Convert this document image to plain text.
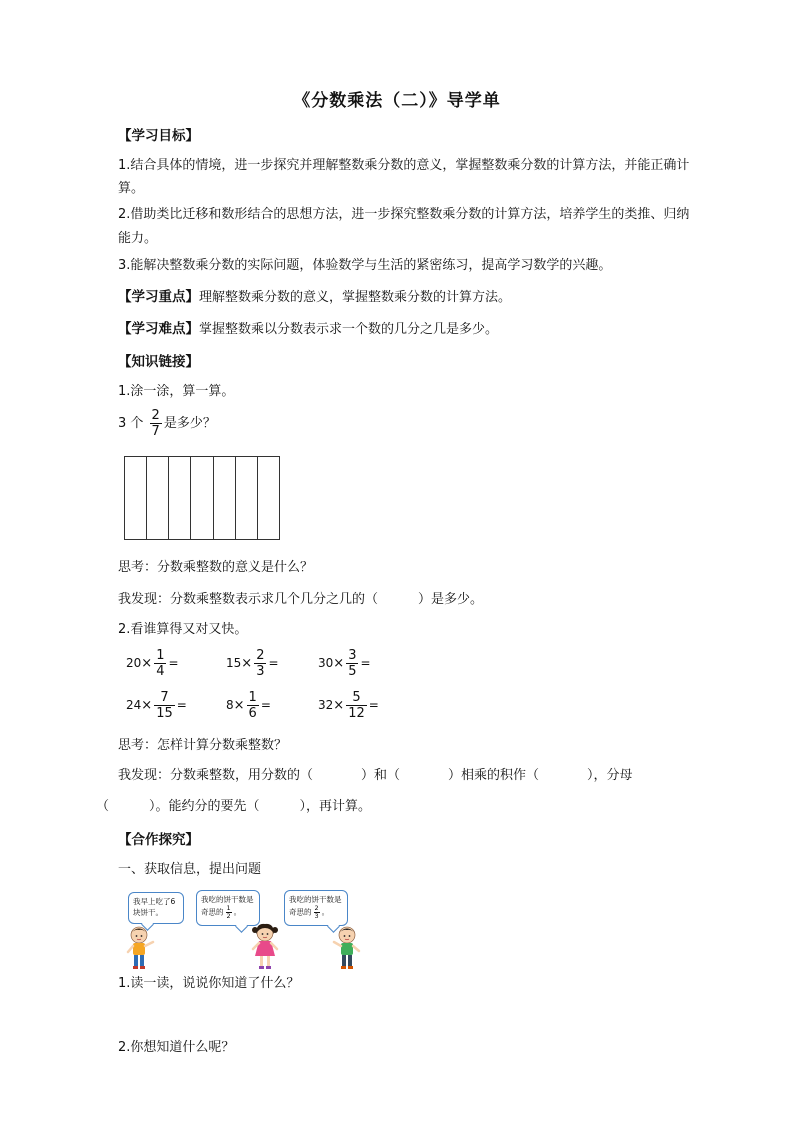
《分数乘法（二）》导学单
【学习目标】
1.结合具体的情境，进一步探究并理解整数乘分数的意义，掌握整数乘分数的计算方法，并能正确计
算。
2.借助类比迁移和数形结合的思想方法，进一步探究整数乘分数的计算方法，培养学生的类推、归纳
能力。
3.能解决整数乘分数的实际问题，体验数学与生活的紧密练习，提高学习数学的兴趣。
【学习重点】理解整数乘分数的意义，掌握整数乘分数的计算方法。
【学习难点】掌握整数乘以分数表示求一个数的几分之几是多少。
【知识链接】
1.涂一涂，算一算。
3 个 $\frac{2}{7}$ 是多少？
思考：分数乘整数的意义是什么？
我发现：分数乘整数表示求几个几分之几的（	）是多少。
2.看谁算得又对又快。
$20\times \frac{1}{4}$ =	$15\times \frac{2}{3}$ =	$30\times \frac{3}{5}$ =
$24\times \frac{7}{15}$ =	$8\times \frac{1}{6}$ =	$32\times \frac{5}{12}$ =
思考：怎样计算分数乘整数？
我发现：分数乘整数，用分数的（	）和（	）相乘的积作（	），分母
（	）。能约分的要先（	），再计算。
【合作探究】
一、获取信息，提出问题
我早上吃了6块饼干。
我吃的饼干数是
奇思的 $\frac{1}{2}$ 。
我吃的饼干数是
奇思的 $\frac{2}{3}$ 。
1.读一读，说说你知道了什么？
2.你想知道什么呢？
